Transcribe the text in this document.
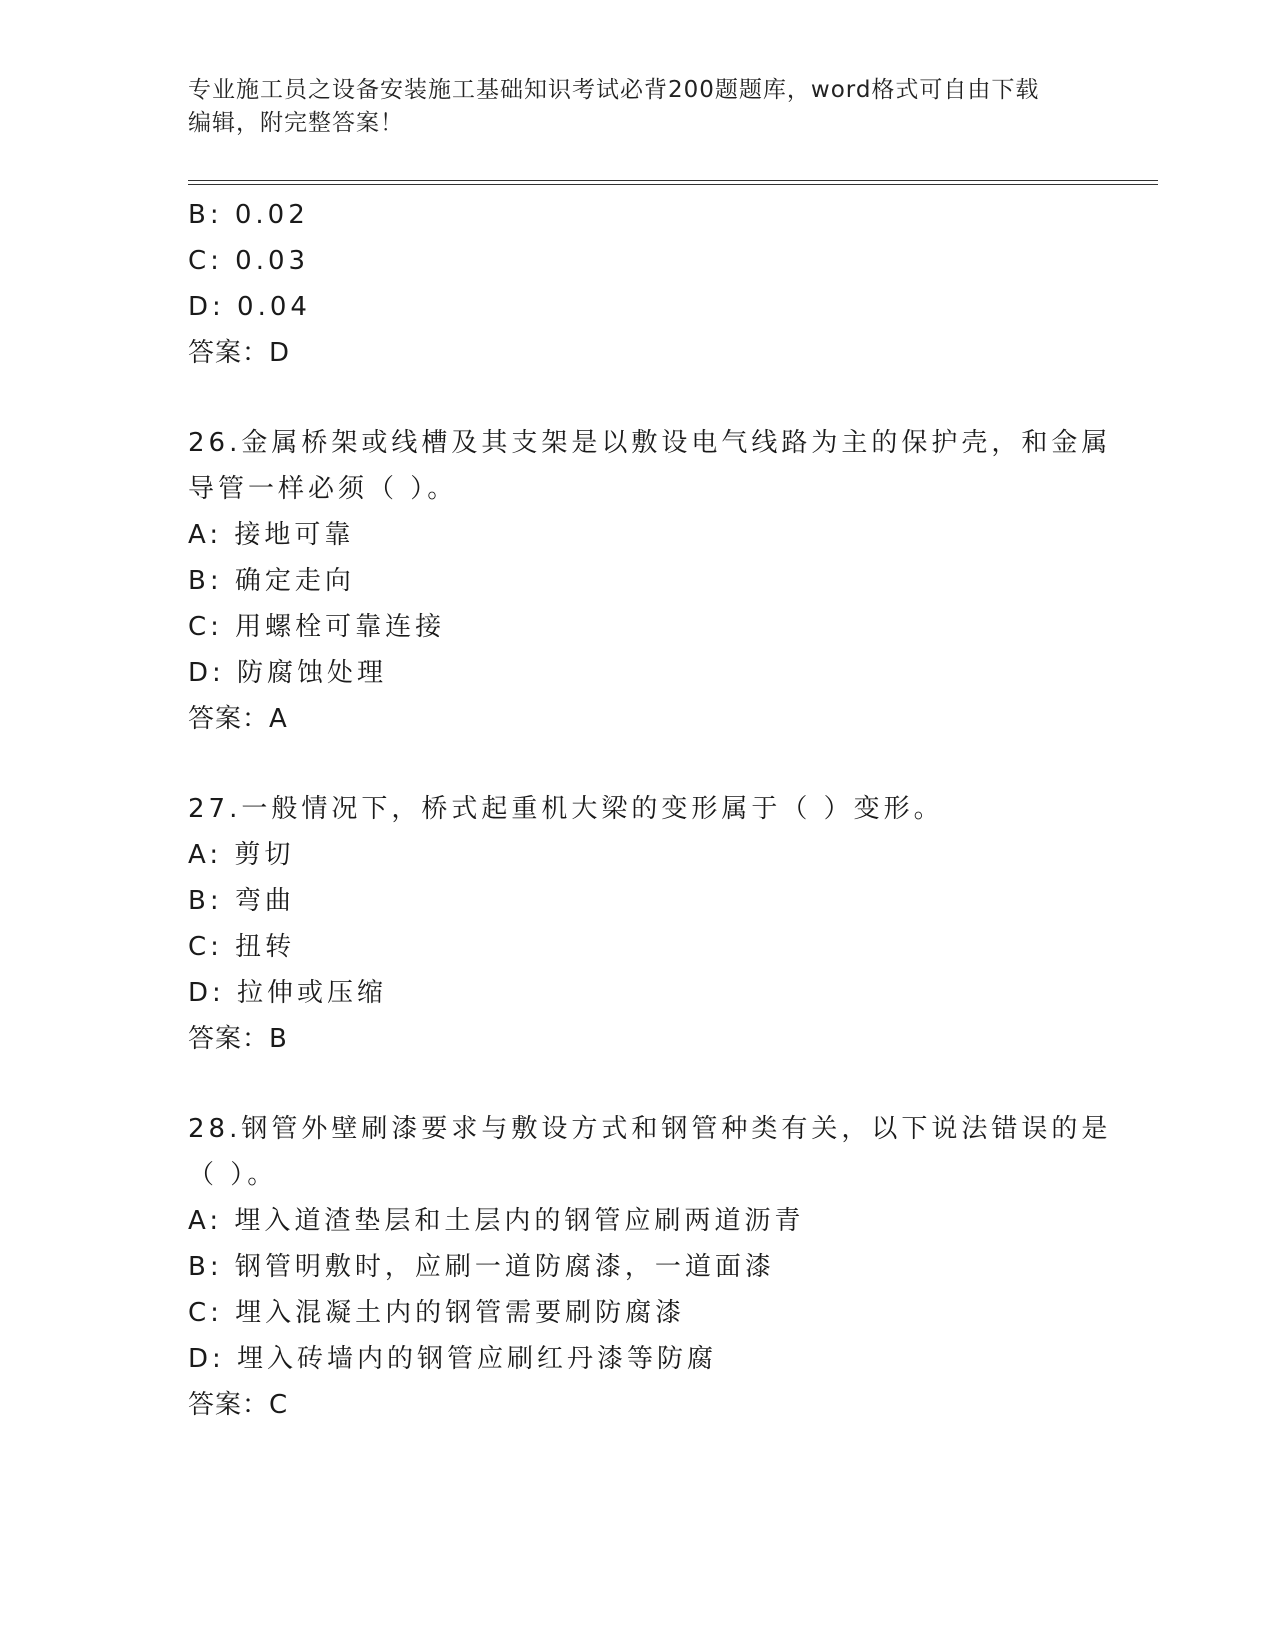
专业施工员之设备安装施工基础知识考试必背200题题库，word格式可自由下载
编辑，附完整答案！
B: 0.02
C: 0.03
D: 0.04
答案：D
26.金属桥架或线槽及其支架是以敷设电气线路为主的保护壳，和金属
导管一样必须（ ）。
A: 接地可靠
B: 确定走向
C: 用螺栓可靠连接
D: 防腐蚀处理
答案：A
27.一般情况下，桥式起重机大梁的变形属于（ ）变形。
A: 剪切
B: 弯曲
C: 扭转
D: 拉伸或压缩
答案：B
28.钢管外壁刷漆要求与敷设方式和钢管种类有关，以下说法错误的是
（ ）。
A: 埋入道渣垫层和土层内的钢管应刷两道沥青
B: 钢管明敷时，应刷一道防腐漆，一道面漆
C: 埋入混凝土内的钢管需要刷防腐漆
D: 埋入砖墙内的钢管应刷红丹漆等防腐
答案：C
